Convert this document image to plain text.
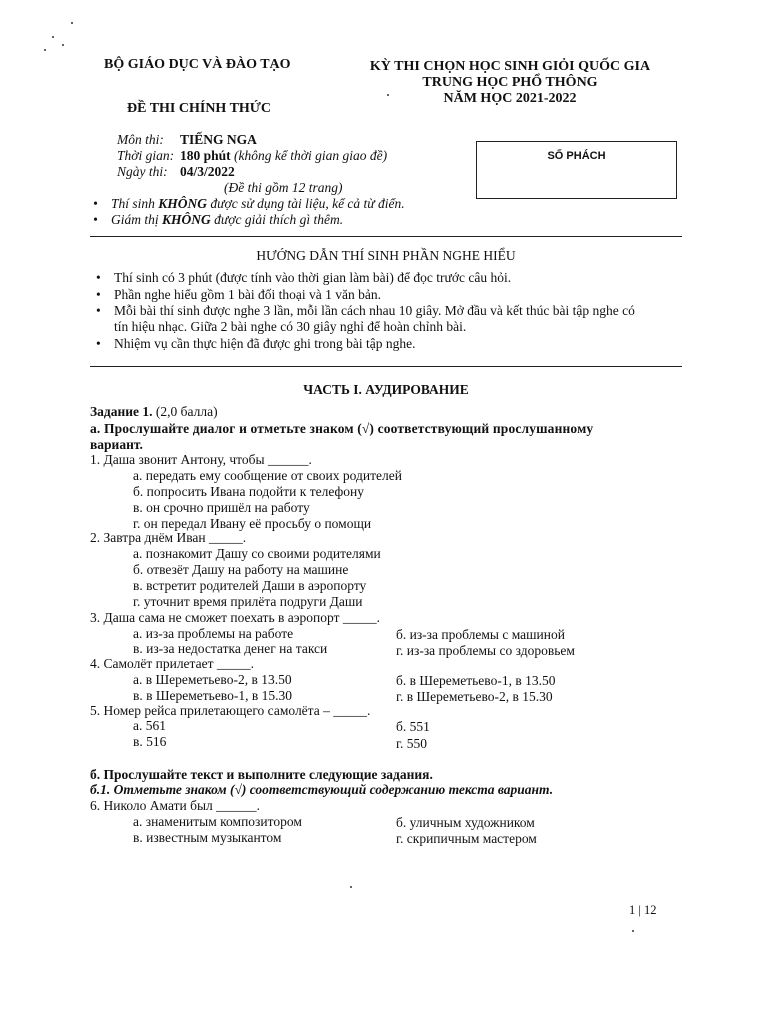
BỘ GIÁO DỤC VÀ ĐÀO TẠO
ĐỀ THI CHÍNH THỨC
KỲ THI CHỌN HỌC SINH GIỎI QUỐC GIA
TRUNG HỌC PHỔ THÔNG
NĂM HỌC 2021-2022
Môn thi: TIẾNG NGA
Thời gian: 180 phút (không kể thời gian giao đề)
Ngày thi: 04/3/2022
(Đề thi gồm 12 trang)
• Thí sinh KHÔNG được sử dụng tài liệu, kể cả từ điển.
• Giám thị KHÔNG được giải thích gì thêm.
SỐ PHÁCH
HƯỚNG DẪN THÍ SINH PHẦN NGHE HIỂU
• Thí sinh có 3 phút (được tính vào thời gian làm bài) để đọc trước câu hỏi.
• Phần nghe hiểu gồm 1 bài đối thoại và 1 văn bản.
• Mỗi bài thí sinh được nghe 3 lần, mỗi lần cách nhau 10 giây. Mở đầu và kết thúc bài tập nghe có
tín hiệu nhạc. Giữa 2 bài nghe có 30 giây nghỉ để hoàn chỉnh bài.
• Nhiệm vụ cần thực hiện đã được ghi trong bài tập nghe.
ЧАСТЬ I. АУДИРОВАНИЕ
Задание 1. (2,0 балла)
а. Прослушайте диалог и отметьте знаком (√) соответствующий прослушанному
вариант.
1. Даша звонит Антону, чтобы ______.
а. передать ему сообщение от своих родителей
б. попросить Ивана подойти к телефону
в. он срочно пришёл на работу
г. он передал Ивану её просьбу о помощи
2. Завтра днём Иван _____.
а. познакомит Дашу со своими родителями
б. отвезёт Дашу на работу на машине
в. встретит родителей Даши в аэропорту
г. уточнит время прилёта подруги Даши
3. Даша сама не сможет поехать в аэропорт _____.
а. из-за проблемы на работе	б. из-за проблемы с машиной
в. из-за недостатка денег на такси	г. из-за проблемы со здоровьем
4. Самолёт прилетает _____.
а. в Шереметьево-2, в 13.50	б. в Шереметьево-1, в 13.50
в. в Шереметьево-1, в 15.30	г. в Шереметьево-2, в 15.30
5. Номер рейса прилетающего самолёта – _____.
а. 561	б. 551
в. 516	г. 550
б. Прослушайте текст и выполните следующие задания.
б.1. Отметьте знаком (√) соответствующий содержанию текста вариант.
6. Николо Амати был ______.
а. знаменитым композитором	б. уличным художником
в. известным музыкантом	г. скрипичным мастером
1 | 12
